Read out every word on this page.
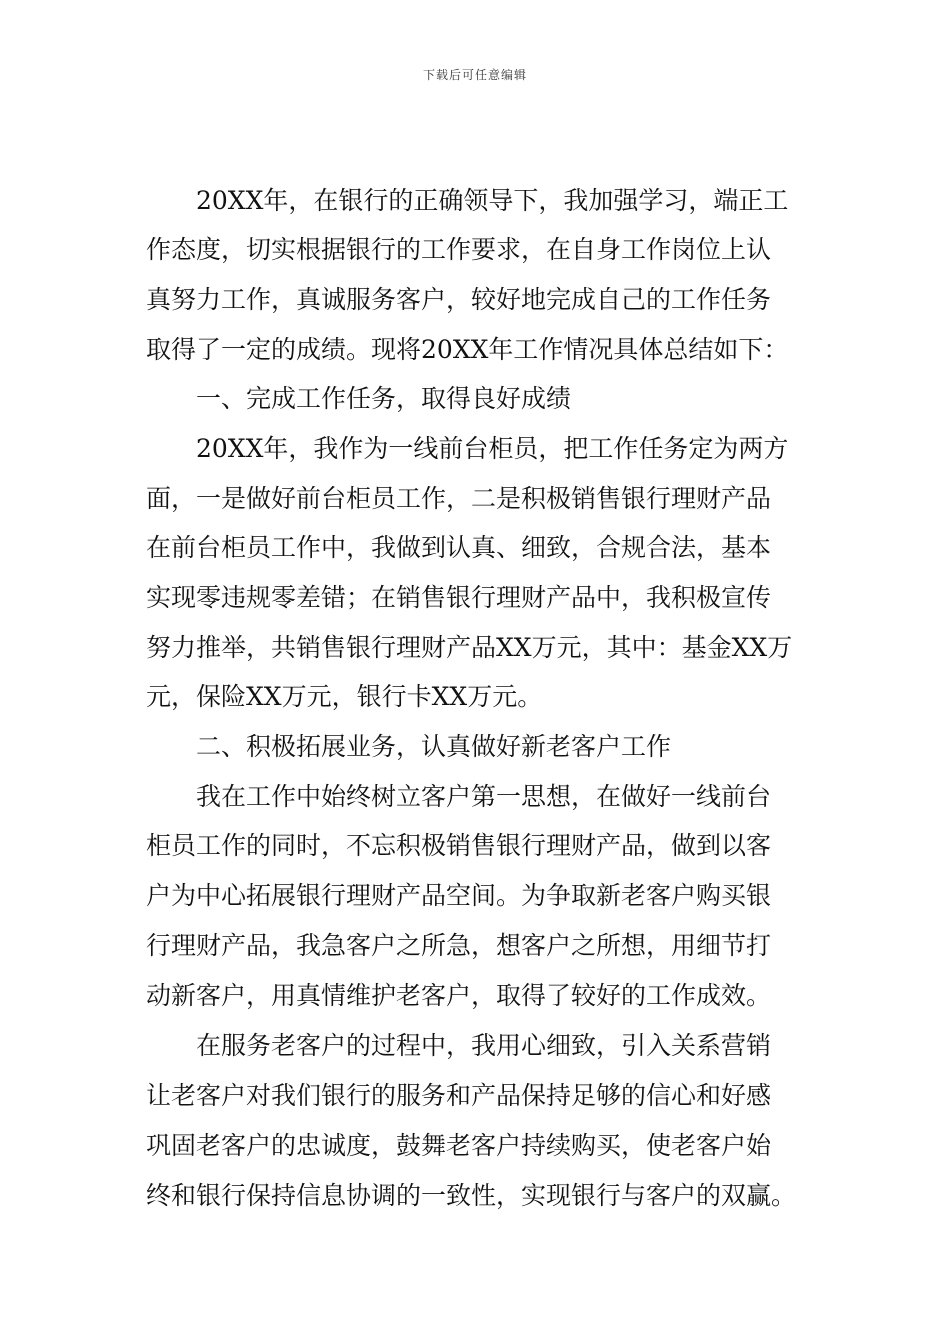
下载后可任意编辑
20XX年，在银行的正确领导下，我加强学习，端正工
作态度，切实根据银行的工作要求，在自身工作岗位上认
真努力工作，真诚服务客户，较好地完成自己的工作任务
取得了一定的成绩。现将20XX年工作情况具体总结如下：
一、完成工作任务，取得良好成绩
20XX年，我作为一线前台柜员，把工作任务定为两方
面，一是做好前台柜员工作，二是积极销售银行理财产品
在前台柜员工作中，我做到认真、细致，合规合法，基本
实现零违规零差错；在销售银行理财产品中，我积极宣传
努力推举，共销售银行理财产品XX万元，其中：基金XX万
元，保险XX万元，银行卡XX万元。
二、积极拓展业务，认真做好新老客户工作
我在工作中始终树立客户第一思想，在做好一线前台
柜员工作的同时，不忘积极销售银行理财产品，做到以客
户为中心拓展银行理财产品空间。为争取新老客户购买银
行理财产品，我急客户之所急，想客户之所想，用细节打
动新客户，用真情维护老客户，取得了较好的工作成效。
在服务老客户的过程中，我用心细致，引入关系营销
让老客户对我们银行的服务和产品保持足够的信心和好感
巩固老客户的忠诚度，鼓舞老客户持续购买，使老客户始
终和银行保持信息协调的一致性，实现银行与客户的双赢。
